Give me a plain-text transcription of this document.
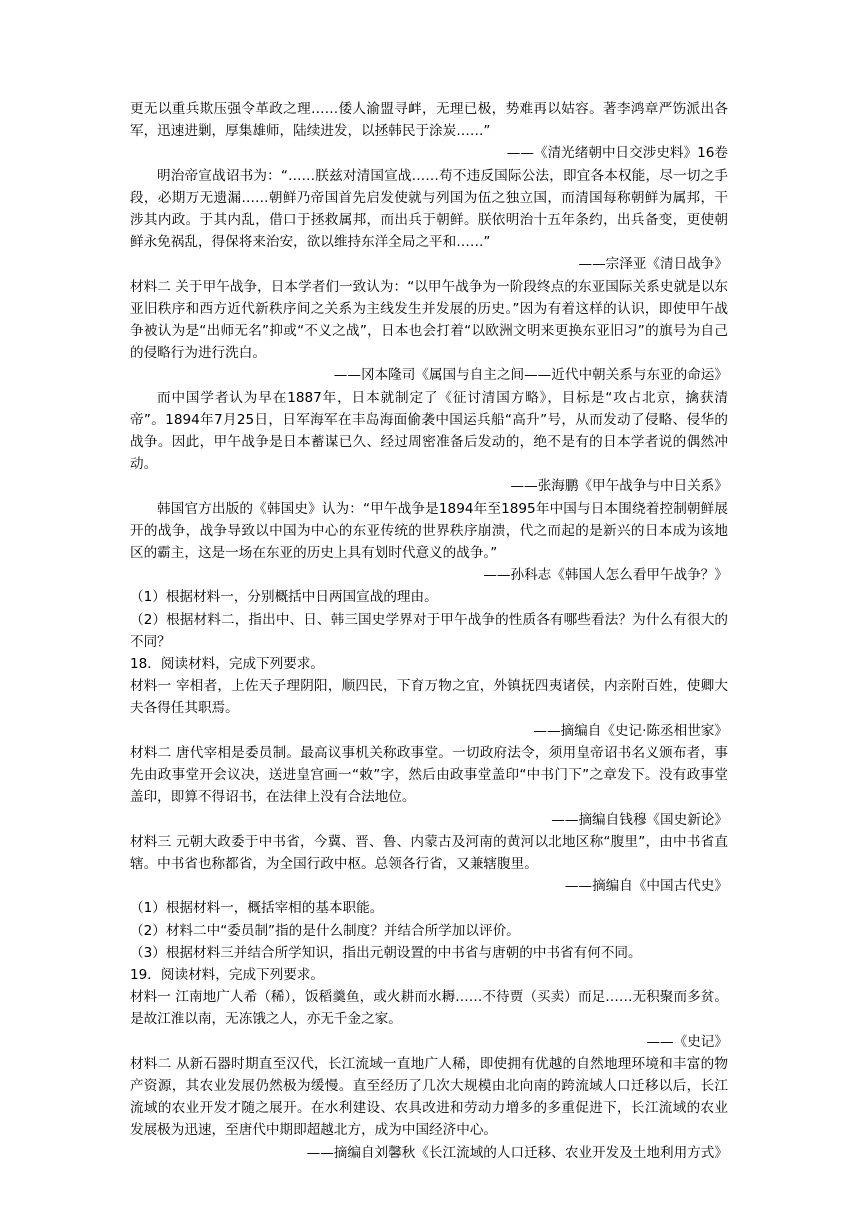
更无以重兵欺压强令革政之理……倭人渝盟寻衅，无理已极，势难再以姑容。著李鸿章严饬派出各军，迅速进剿，厚集雄师，陆续进发，以拯韩民于涂炭……”

——《清光绪朝中日交涉史料》16卷

明治帝宣战诏书为：“……朕兹对清国宣战……苟不违反国际公法，即宜各本权能，尽一切之手段，必期万无遗漏……朝鲜乃帝国首先启发使就与列国为伍之独立国，而清国每称朝鲜为属邦，干涉其内政。于其内乱，借口于拯救属邦，而出兵于朝鲜。朕依明治十五年条约，出兵备变，更使朝鲜永免祸乱，得保将来治安，欲以维持东洋全局之平和……”

——宗泽亚《清日战争》

材料二 关于甲午战争，日本学者们一致认为：“以甲午战争为一阶段终点的东亚国际关系史就是以东亚旧秩序和西方近代新秩序间之关系为主线发生并发展的历史。”因为有着这样的认识，即使甲午战争被认为是“出师无名”抑或“不义之战”，日本也会打着“以欧洲文明来更换东亚旧习”的旗号为自己的侵略行为进行洗白。

——冈本隆司《属国与自主之间——近代中朝关系与东亚的命运》

而中国学者认为早在1887年，日本就制定了《征讨清国方略》，目标是“攻占北京，擒获清帝”。1894年7月25日，日军海军在丰岛海面偷袭中国运兵船“高升”号，从而发动了侵略、侵华的战争。因此，甲午战争是日本蓄谋已久、经过周密准备后发动的，绝不是有的日本学者说的偶然冲动。

——张海鹏《甲午战争与中日关系》

韩国官方出版的《韩国史》认为：“甲午战争是1894年至1895年中国与日本围绕着控制朝鲜展开的战争，战争导致以中国为中心的东亚传统的世界秩序崩溃，代之而起的是新兴的日本成为该地区的霸主，这是一场在东亚的历史上具有划时代意义的战争。”

——孙科志《韩国人怎么看甲午战争？》

（1）根据材料一，分别概括中日两国宣战的理由。

（2）根据材料二，指出中、日、韩三国史学界对于甲午战争的性质各有哪些看法？为什么有很大的不同？

18．阅读材料，完成下列要求。

材料一 宰相者，上佐天子理阴阳，顺四民，下育万物之宜，外镇抚四夷诸侯，内亲附百姓，使卿大夫各得任其职焉。

——摘编自《史记·陈丞相世家》

材料二 唐代宰相是委员制。最高议事机关称政事堂。一切政府法令，须用皇帝诏书名义颁布者，事先由政事堂开会议决，送进皇宫画一“敕”字，然后由政事堂盖印“中书门下”之章发下。没有政事堂盖印，即算不得诏书，在法律上没有合法地位。

——摘编自钱穆《国史新论》

材料三 元朝大政委于中书省，今冀、晋、鲁、内蒙古及河南的黄河以北地区称“腹里”，由中书省直辖。中书省也称都省，为全国行政中枢。总领各行省，又兼辖腹里。

——摘编自《中国古代史》

（1）根据材料一，概括宰相的基本职能。

（2）材料二中“委员制”指的是什么制度？并结合所学加以评价。

（3）根据材料三并结合所学知识，指出元朝设置的中书省与唐朝的中书省有何不同。

19．阅读材料，完成下列要求。

材料一 江南地广人希（稀），饭稻羹鱼，或火耕而水耨……不待贾（买卖）而足……无积聚而多贫。是故江淮以南，无冻饿之人，亦无千金之家。

——《史记》

材料二 从新石器时期直至汉代，长江流域一直地广人稀，即使拥有优越的自然地理环境和丰富的物产资源，其农业发展仍然极为缓慢。直至经历了几次大规模由北向南的跨流域人口迁移以后，长江流域的农业开发才随之展开。在水利建设、农具改进和劳动力增多的多重促进下，长江流域的农业发展极为迅速，至唐代中期即超越北方，成为中国经济中心。

——摘编自刘馨秋《长江流域的人口迁移、农业开发及土地利用方式》
